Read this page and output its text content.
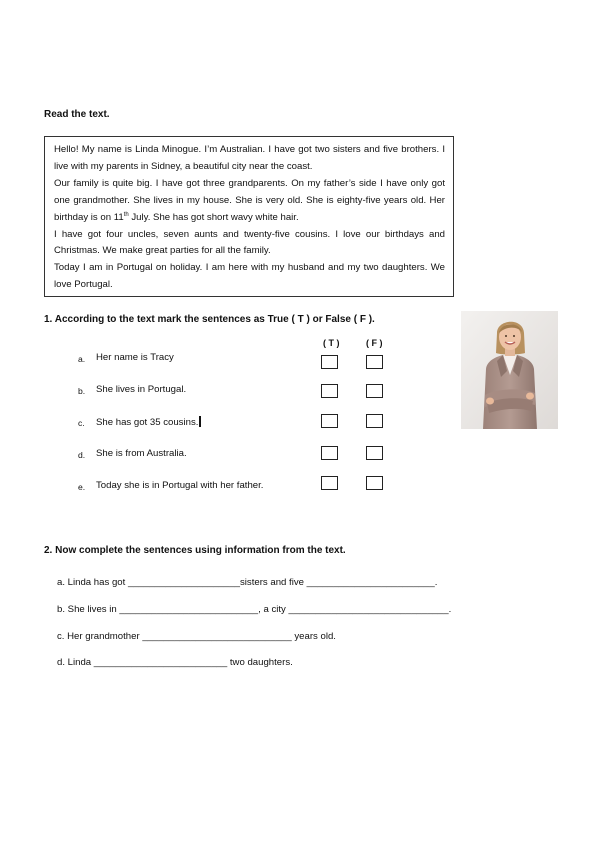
Read the text.

Hello! My name is Linda Minogue. I’m Australian. I have got two sisters and five brothers. I live with my parents in Sidney, a beautiful city near the coast.

Our family is quite big. I have got three grandparents. On my father’s side I have only got one grandmother. She lives in my house. She is very old. She is eighty-five years old. Her birthday is on 11th July. She has got short wavy white hair.

I have got four uncles, seven aunts and twenty-five cousins. I love our birthdays and Christmas. We make great parties for all the family.

Today I am in Portugal on holiday. I am here with my husband and my two daughters. We love Portugal.

1. According to the text mark the sentences as True ( T ) or False ( F ).
( T )	( F )
a. Her name is Tracy
b. She lives in Portugal.
c. She has got 35 cousins.
d. She is from Australia.
e. Today she is in Portugal with her father.
2. Now complete the sentences using information from the text.
a. Linda has got _____________________sisters and five ________________________.
b. She lives in __________________________, a city ______________________________.
c. Her grandmother ____________________________ years old.
d. Linda _________________________ two daughters.
